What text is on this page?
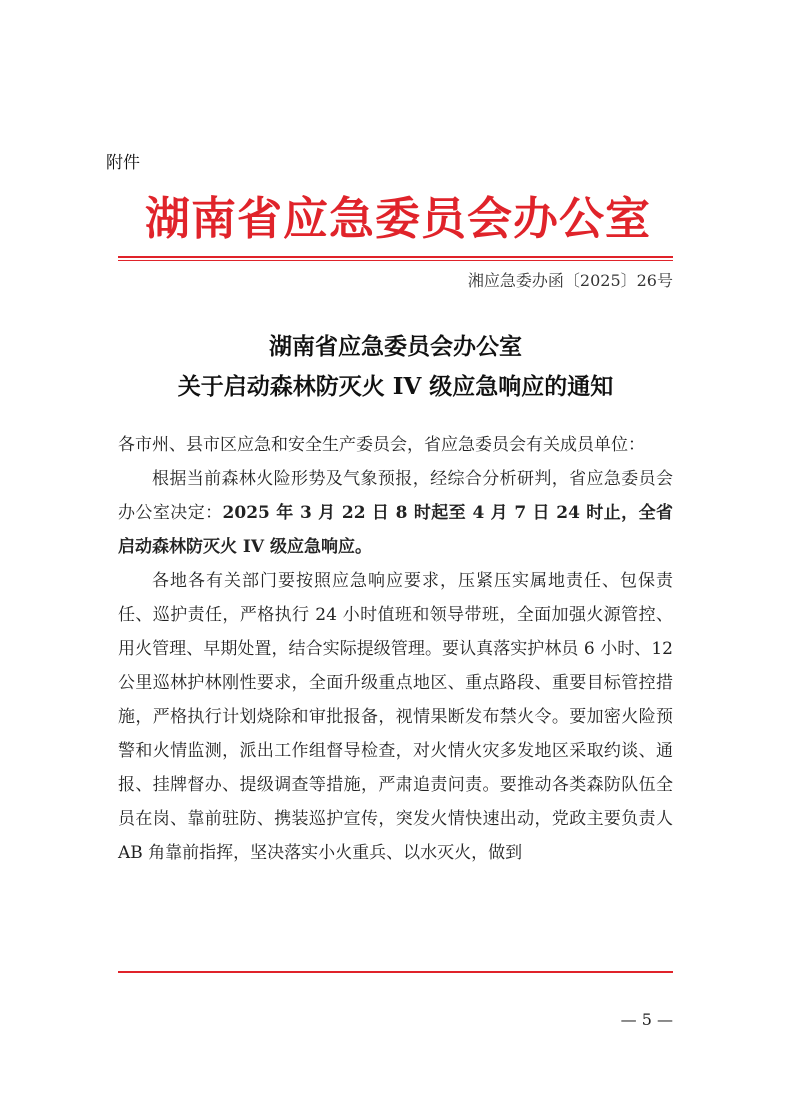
附件
湖南省应急委员会办公室
湘应急委办函〔2025〕26号
湖南省应急委员会办公室
关于启动森林防灭火 IV 级应急响应的通知

各市州、县市区应急和安全生产委员会，省应急委员会有关成员单位：

根据当前森林火险形势及气象预报，经综合分析研判，省应急委员会办公室决定：2025 年 3 月 22 日 8 时起至 4 月 7 日 24 时止，全省启动森林防灭火 IV 级应急响应。

各地各有关部门要按照应急响应要求，压紧压实属地责任、包保责任、巡护责任，严格执行 24 小时值班和领导带班，全面加强火源管控、用火管理、早期处置，结合实际提级管理。要认真落实护林员 6 小时、12 公里巡林护林刚性要求，全面升级重点地区、重点路段、重要目标管控措施，严格执行计划烧除和审批报备，视情果断发布禁火令。要加密火险预警和火情监测，派出工作组督导检查，对火情火灾多发地区采取约谈、通报、挂牌督办、提级调查等措施，严肃追责问责。要推动各类森防队伍全员在岗、靠前驻防、携装巡护宣传，突发火情快速出动，党政主要负责人 AB 角靠前指挥，坚决落实小火重兵、以水灭火，做到

— 5 —
